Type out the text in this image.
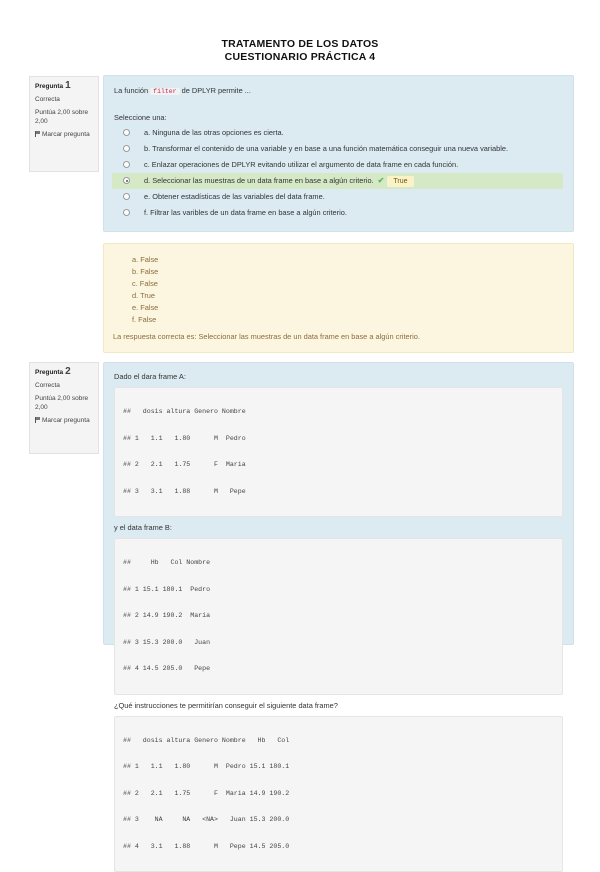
TRATAMENTO DE LOS DATOS
CUESTIONARIO PRÁCTICA 4
Pregunta 1
Correcta
Puntúa 2,00 sobre 2,00
Marcar pregunta
La función filter de DPLYR permite ...
Seleccione una:
a. Ninguna de las otras opciones es cierta.
b. Transformar el contenido de una variable y en base a una función matemática conseguir una nueva variable.
c. Enlazar operaciones de DPLYR evitando utilizar el argumento de data frame en cada función.
d. Seleccionar las muestras de un data frame en base a algún criterio. ✔ True
e. Obtener estadísticas de las variables del data frame.
f. Filtrar las varibles de un data frame en base a algún criterio.
a. False
b. False
c. False
d. True
e. False
f. False
La respuesta correcta es: Seleccionar las muestras de un data frame en base a algún criterio.
Pregunta 2
Correcta
Puntúa 2,00 sobre 2,00
Marcar pregunta
Dado el dara frame A:

##   dosis altura Genero Nombre

## 1   1.1   1.80      M  Pedro

## 2   2.1   1.75      F  Maria

## 3   3.1   1.88      M   Pepe

y el data frame B:

##     Hb   Col Nombre

## 1 15.1 180.1  Pedro

## 2 14.9 190.2  María

## 3 15.3 200.0   Juan

## 4 14.5 205.0   Pepe

¿Qué instrucciones te permitirían conseguir el siguiente data frame?

##   dosis altura Genero Nombre   Hb   Col

## 1   1.1   1.80      M  Pedro 15.1 180.1

## 2   2.1   1.75      F  Maria 14.9 190.2

## 3    NA     NA   <NA>   Juan 15.3 200.0

## 4   3.1   1.88      M   Pepe 14.5 205.0
